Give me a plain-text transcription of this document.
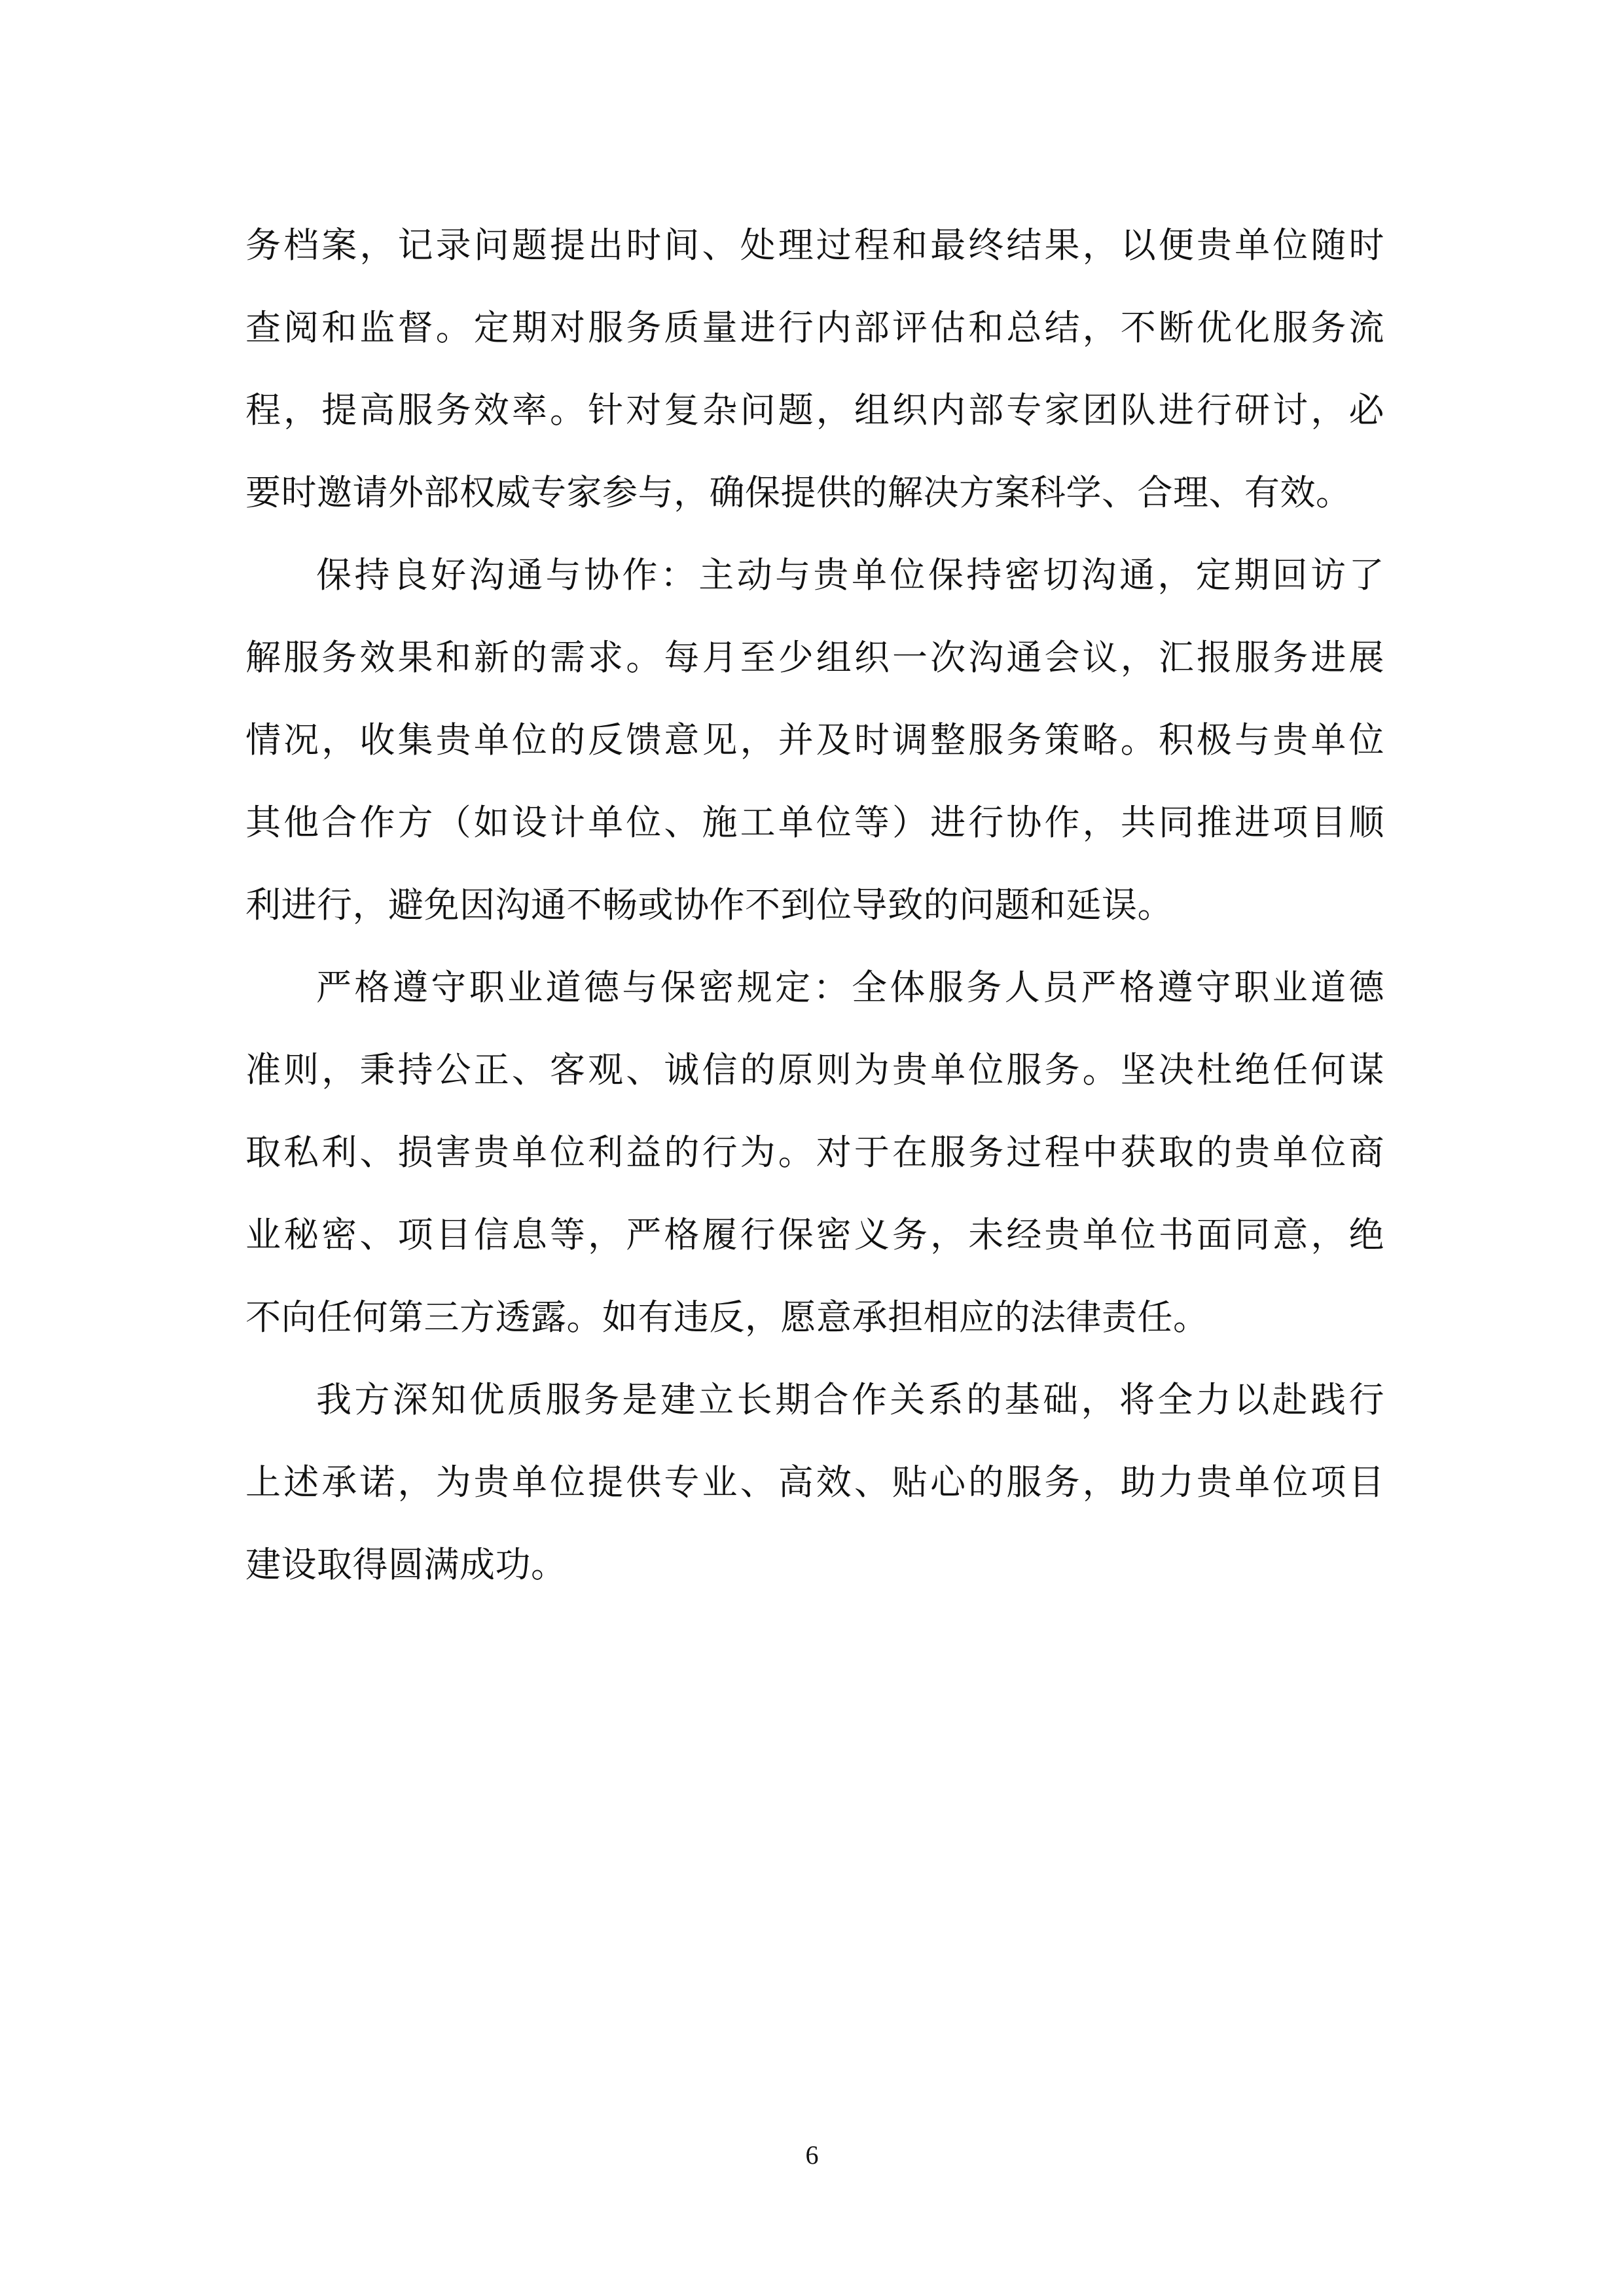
务档案，记录问题提出时间、处理过程和最终结果，以便贵单位随时
查阅和监督。定期对服务质量进行内部评估和总结，不断优化服务流
程，提高服务效率。针对复杂问题，组织内部专家团队进行研讨，必
要时邀请外部权威专家参与，确保提供的解决方案科学、合理、有效。
保持良好沟通与协作：主动与贵单位保持密切沟通，定期回访了
解服务效果和新的需求。每月至少组织一次沟通会议，汇报服务进展
情况，收集贵单位的反馈意见，并及时调整服务策略。积极与贵单位
其他合作方（如设计单位、施工单位等）进行协作，共同推进项目顺
利进行，避免因沟通不畅或协作不到位导致的问题和延误。
严格遵守职业道德与保密规定：全体服务人员严格遵守职业道德
准则，秉持公正、客观、诚信的原则为贵单位服务。坚决杜绝任何谋
取私利、损害贵单位利益的行为。对于在服务过程中获取的贵单位商
业秘密、项目信息等，严格履行保密义务，未经贵单位书面同意，绝
不向任何第三方透露。如有违反，愿意承担相应的法律责任。
我方深知优质服务是建立长期合作关系的基础，将全力以赴践行
上述承诺，为贵单位提供专业、高效、贴心的服务，助力贵单位项目
建设取得圆满成功。
6
